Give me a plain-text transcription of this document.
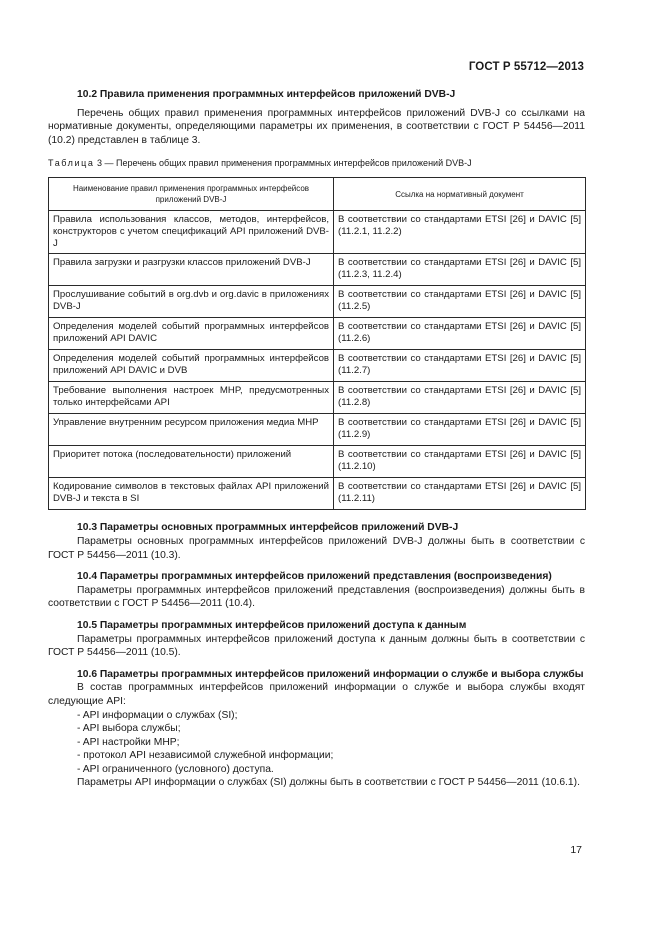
ГОСТ Р 55712—2013

10.2 Правила применения программных интерфейсов приложений DVB-J

Перечень общих правил применения программных интерфейсов приложений DVB-J со ссылками на нормативные документы, определяющими параметры их применения, в соответствии с ГОСТ Р 54456—2011 (10.2) представлен в таблице 3.

Таблица 3 — Перечень общих правил применения программных интерфейсов приложений DVB-J
Наименование правил применения программных интерфейсов приложений DVB-J	Ссылка на нормативный документ
Правила использования классов, методов, интерфейсов, конструкторов с учетом спецификаций API приложений DVB-J	В соответствии со стандартами ETSI [26] и DAVIC [5] (11.2.1, 11.2.2)
Правила загрузки и разгрузки классов приложений DVB-J	В соответствии со стандартами ETSI [26] и DAVIC [5] (11.2.3, 11.2.4)
Прослушивание событий в org.dvb и org.davic в приложениях DVB-J	В соответствии со стандартами ETSI [26] и DAVIC [5] (11.2.5)
Определения моделей событий программных интерфейсов приложений API DAVIC	В соответствии со стандартами ETSI [26] и DAVIC [5] (11.2.6)
Определения моделей событий программных интерфейсов приложений API DAVIC и DVB	В соответствии со стандартами ETSI [26] и DAVIC [5] (11.2.7)
Требование выполнения настроек MHP, предусмотренных только интерфейсами API	В соответствии со стандартами ETSI [26] и DAVIC [5] (11.2.8)
Управление внутренним ресурсом приложения медиа MHP	В соответствии со стандартами ETSI [26] и DAVIC [5] (11.2.9)
Приоритет потока (последовательности) приложений	В соответствии со стандартами ETSI [26] и DAVIC [5] (11.2.10)
Кодирование символов в текстовых файлах API приложений DVB-J и текста в SI	В соответствии со стандартами ETSI [26] и DAVIC [5] (11.2.11)

10.3 Параметры основных программных интерфейсов приложений DVB-J

Параметры основных программных интерфейсов приложений DVB-J должны быть в соответствии с ГОСТ Р 54456—2011 (10.3).

10.4 Параметры программных интерфейсов приложений представления (воспроизведения)

Параметры программных интерфейсов приложений представления (воспроизведения) должны быть в соответствии с ГОСТ Р 54456—2011 (10.4).

10.5 Параметры программных интерфейсов приложений доступа к данным

Параметры программных интерфейсов приложений доступа к данным должны быть в соответствии с ГОСТ Р 54456—2011 (10.5).

10.6 Параметры программных интерфейсов приложений информации о службе и выбора службы

В состав программных интерфейсов приложений информации о службе и выбора службы входят следующие API:

- API информации о службах (SI);
- API выбора службы;
- API настройки MHP;
- протокол API независимой служебной информации;
- API ограниченного (условного) доступа.

Параметры API информации о службах (SI) должны быть в соответствии с ГОСТ Р 54456—2011 (10.6.1).

17
